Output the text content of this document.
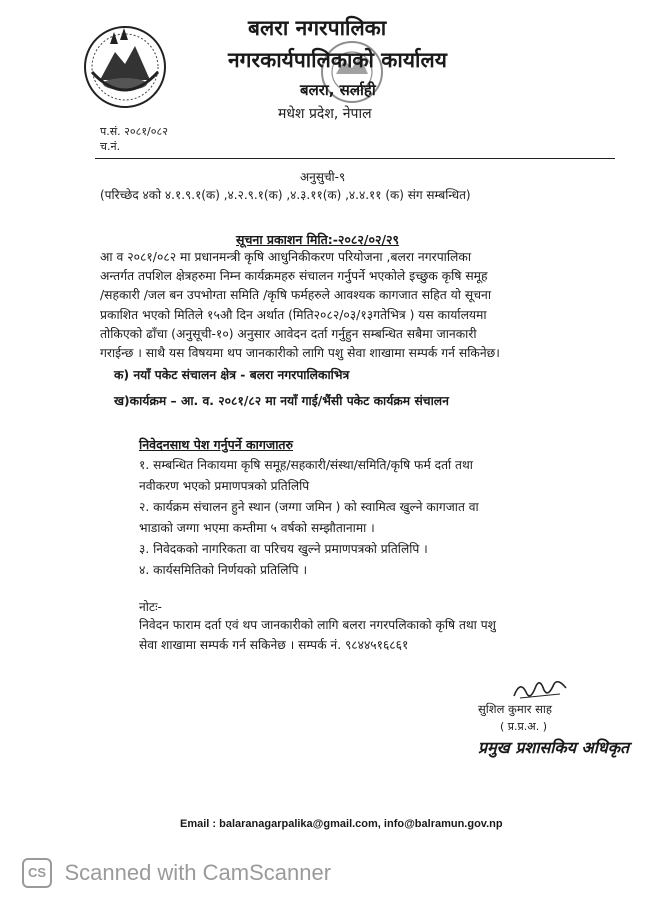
बलरा नगरपालिका
नगरकार्यपालिकाको कार्यालय
बलरा, सर्लाही
मधेश प्रदेश, नेपाल
प.सं. २०८१/०८२
च.नं.
अनुसुची-९
(परिच्छेद ४को ४.१.९.१(क) ,४.२.९.१(क) ,४.३.११(क) ,४.४.११ (क) संग सम्बन्धित)
सूचना प्रकाशन मिति:-२०८२/०२/२९
आ व २०८१/०८२ मा प्रधानमन्त्री कृषि आधुनिकीकरण परियोजना ,बलरा नगरपालिका
अन्तर्गत तपशिल क्षेत्रहरुमा निम्न कार्यक्रमहरु संचालन गर्नुपर्ने भएकोले इच्छुक कृषि समूह
/सहकारी /जल बन उपभोग्ता समिति /कृषि फर्महरुले आवश्यक कागजात सहित यो सूचना
प्रकाशित भएको मितिले १५औ दिन अर्थात (मिति२०८२/०३/१३गतेभित्र ) यस कार्यालयमा
तोकिएको ढाँचा (अनुसूची-१०) अनुसार आवेदन दर्ता गर्नुहुन सम्बन्धित सबैमा जानकारी
गराईन्छ । साथै यस विषयमा थप जानकारीको लागि पशु सेवा शाखामा सम्पर्क गर्न सकिनेछ।
क) नयाँ पकेट संचालन क्षेत्र - बलरा नगरपालिकाभित्र
ख)कार्यक्रम – आ. व. २०८१/८२ मा नयाँ गाई/भैंसी पकेट कार्यक्रम संचालन
निवेदनसाथ पेश गर्नुपर्ने कागजातरु
१. सम्बन्धित निकायमा कृषि समूह/सहकारी/संस्था/समिति/कृषि फर्म दर्ता तथा
नवीकरण भएको प्रमाणपत्रको प्रतिलिपि
२. कार्यक्रम संचालन हुने स्थान (जग्गा जमिन ) को स्वामित्व खुल्ने कागजात वा
भाडाको जग्गा भएमा कम्तीमा ५ वर्षको सम्झौतानामा ।
३. निवेदकको नागरिकता वा परिचय खुल्ने प्रमाणपत्रको प्रतिलिपि ।
४. कार्यसमितिको निर्णयको प्रतिलिपि ।
नोटः-
निवेदन फाराम दर्ता एवं थप जानकारीको लागि बलरा नगरपलिकाको कृषि तथा पशु
सेवा शाखामा सम्पर्क गर्न सकिनेछ । सम्पर्क नं. ९८४४५१६८६१
सुशिल कुमार साह
( प्र.प्र.अ. )
प्रमुख प्रशासकिय अधिकृत
Email : balaranagarpalika@gmail.com, info@balramun.gov.np
CS Scanned with CamScanner
